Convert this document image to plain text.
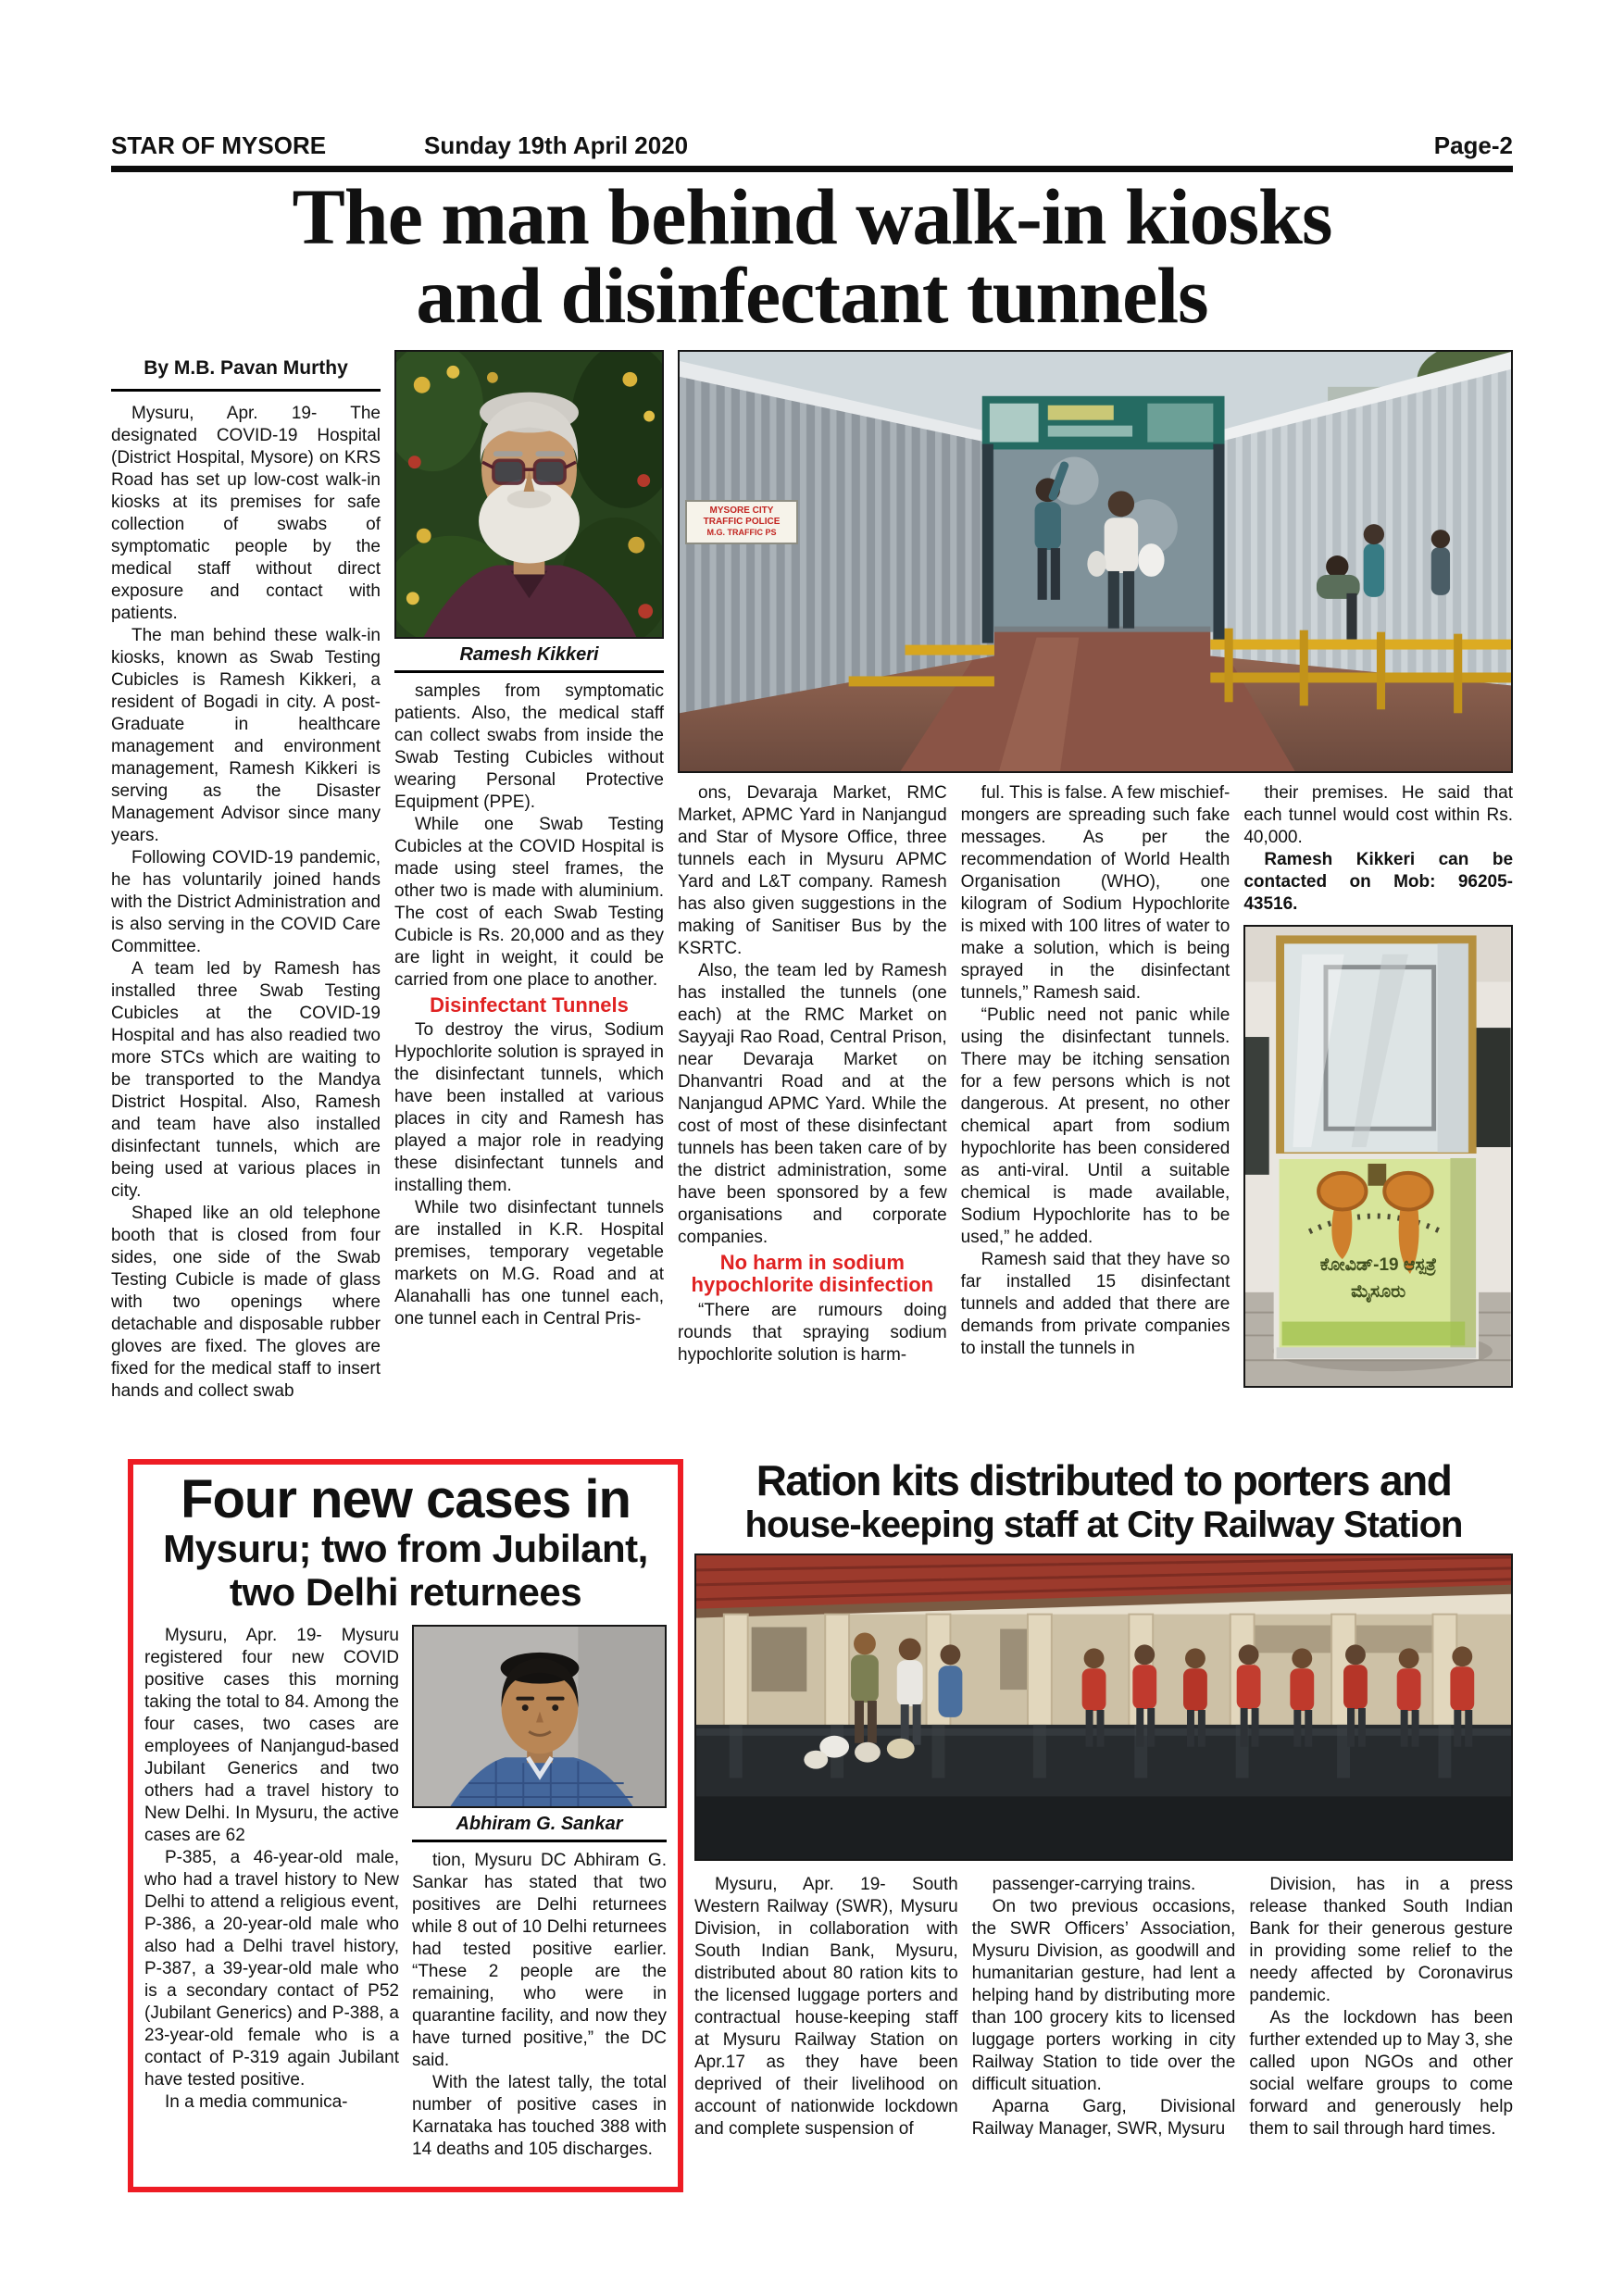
STAR OF MYSORE	Sunday 19th April 2020	Page-2
The man behind walk-in kiosks
and disinfectant tunnels
By M.B. Pavan Murthy

Mysuru, Apr. 19- The designated COVID-19 Hospital (District Hospital, Mysore) on KRS Road has set up low-cost walk-in kiosks at its premises for safe collection of swabs of symptomatic people by the medical staff without direct exposure and contact with patients.

The man behind these walk-in kiosks, known as Swab Testing Cubicles is Ramesh Kikkeri, a resident of Bogadi in city. A post-Graduate in healthcare management and environment management, Ramesh Kikkeri is serving as the Disaster Management Advisor since many years.

Following COVID-19 pandemic, he has voluntarily joined hands with the District Administration and is also serving in the COVID Care Committee.

A team led by Ramesh has installed three Swab Testing Cubicles at the COVID-19 Hospital and has also readied two more STCs which are waiting to be transported to the Mandya District Hospital. Also, Ramesh and team have also installed disinfectant tunnels, which are being used at various places in city.

Shaped like an old telephone booth that is closed from four sides, one side of the Swab Testing Cubicle is made of glass with two openings where detachable and disposable rubber gloves are fixed. The gloves are fixed for the medical staff to insert hands and collect swab

Ramesh Kikkeri

samples from symptomatic patients. Also, the medical staff can collect swabs from inside the Swab Testing Cubicles without wearing Personal Protective Equipment (PPE).

While one Swab Testing Cubicles at the COVID Hospital is made using steel frames, the other two is made with aluminium. The cost of each Swab Testing Cubicle is Rs. 20,000 and as they are light in weight, it could be carried from one place to another.

Disinfectant Tunnels

To destroy the virus, Sodium Hypochlorite solution is sprayed in the disinfectant tunnels, which have been installed at various places in city and Ramesh has played a major role in readying these disinfectant tunnels and installing them.

While two disinfectant tunnels are installed in K.R. Hospital premises, temporary vegetable markets on M.G. Road and at Alanahalli has one tunnel each, one tunnel each in Central Pris-

MYSORE CITY TRAFFIC POLICE
M.G. TRAFFIC PS

ons, Devaraja Market, RMC Market, APMC Yard in Nanjangud and Star of Mysore Office, three tunnels each in Mysuru APMC Yard and L&T company. Ramesh has also given suggestions in the making of Sanitiser Bus by the KSRTC.

Also, the team led by Ramesh has installed the tunnels (one each) at the RMC Market on Sayyaji Rao Road, Central Prison, near Devaraja Market on Dhanvantri Road and at the Nanjangud APMC Yard. While the cost of most of these disinfectant tunnels has been taken care of by the district administration, some have been sponsored by a few organisations and corporate companies.

No harm in sodium
hypochlorite disinfection

“There are rumours doing rounds that spraying sodium hypochlorite solution is harm-

ful. This is false. A few mischief-mongers are spreading such fake messages. As per the recommendation of World Health Organisation (WHO), one kilogram of Sodium Hypochlorite is mixed with 100 litres of water to make a solution, which is being sprayed in the disinfectant tunnels,” Ramesh said.

“Public need not panic while using the disinfectant tunnels. There may be itching sensation for a few persons which is not dangerous. At present, no other chemical apart from sodium hypochlorite has been considered as anti-viral. Until a suitable chemical is made available, Sodium Hypochlorite has to be used,” he added.

Ramesh said that they have so far installed 15 disinfectant tunnels and added that there are demands from private companies to install the tunnels in

their premises. He said that each tunnel would cost within Rs. 40,000.

Ramesh Kikkeri can be contacted on Mob: 96205-43516.

ಕೋವಿಡ್-19 ಆಸ್ಪತ್ರೆ
ಮೈಸೂರು
Four new cases in
Mysuru; two from Jubilant,
two Delhi returnees

Mysuru, Apr. 19- Mysuru registered four new COVID positive cases this morning taking the total to 84. Among the four cases, two cases are employees of Nanjangud-based Jubilant Generics and two others had a travel history to New Delhi. In Mysuru, the active cases are 62

P-385, a 46-year-old male, who had a travel history to New Delhi to attend a religious event, P-386, a 20-year-old male who also had a Delhi travel history, P-387, a 39-year-old male who is a secondary contact of P52 (Jubilant Generics) and P-388, a 23-year-old female who is a contact of P-319 again Jubilant have tested positive.

In a media communica-

Abhiram G. Sankar

tion, Mysuru DC Abhiram G. Sankar has stated that two positives are Delhi returnees while 8 out of 10 Delhi returnees had tested positive earlier. “These 2 people are the remaining, who were in quarantine facility, and now they have turned positive,” the DC said.

With the latest tally, the total number of positive cases in Karnataka has touched 388 with 14 deaths and 105 discharges.

Ration kits distributed to porters and
house-keeping staff at City Railway Station

Mysuru, Apr. 19- South Western Railway (SWR), Mysuru Division, in collaboration with South Indian Bank, Mysuru, distributed about 80 ration kits to the licensed luggage porters and contractual house-keeping staff at Mysuru Railway Station on Apr.17 as they have been deprived of their livelihood on account of nationwide lockdown and complete suspension of

passenger-carrying trains.

On two previous occasions, the SWR Officers’ Association, Mysuru Division, as goodwill and humanitarian gesture, had lent a helping hand by distributing more than 100 grocery kits to licensed luggage porters working in city Railway Station to tide over the difficult situation.

Aparna Garg, Divisional Railway Manager, SWR, Mysuru

Division, has in a press release thanked South Indian Bank for their generous gesture in providing some relief to the needy affected by Coronavirus pandemic.

As the lockdown has been further extended up to May 3, she called upon NGOs and other social welfare groups to come forward and generously help them to sail through hard times.
